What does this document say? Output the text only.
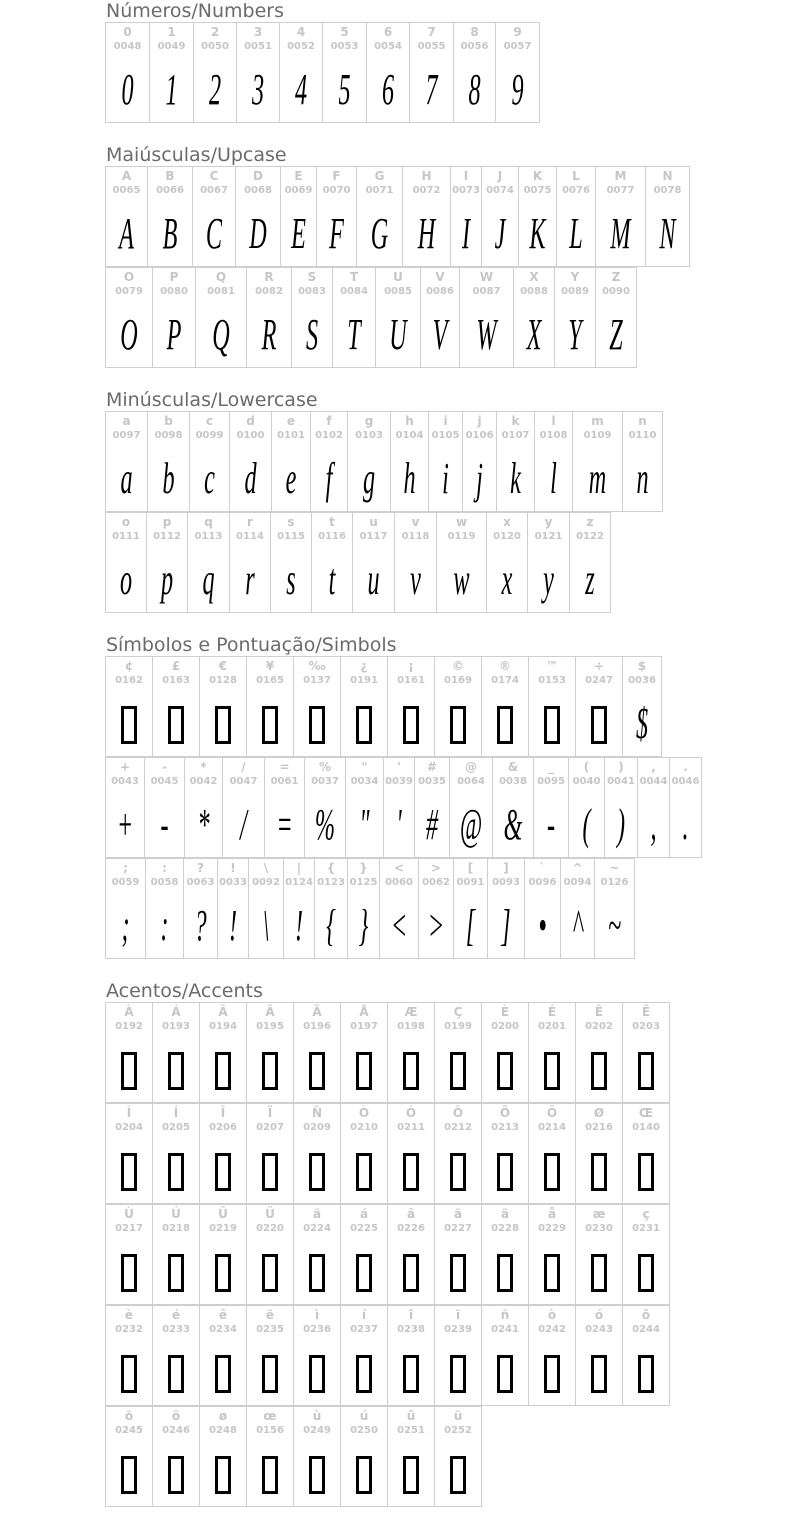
Números/Numbers
0
0048
0
1
0049
1
2
0050
2
3
0051
3
4
0052
4
5
0053
5
6
0054
6
7
0055
7
8
0056
8
9
0057
9
Maiúsculas/Upcase
A
0065
A
B
0066
B
C
0067
C
D
0068
D
E
0069
E
F
0070
F
G
0071
G
H
0072
H
I
0073
I
J
0074
J
K
0075
K
L
0076
L
M
0077
M
N
0078
N
O
0079
O
P
0080
P
Q
0081
Q
R
0082
R
S
0083
S
T
0084
T
U
0085
U
V
0086
V
W
0087
W
X
0088
X
Y
0089
Y
Z
0090
Z
Minúsculas/Lowercase
a
0097
a
b
0098
b
c
0099
c
d
0100
d
e
0101
e
f
0102
f
g
0103
g
h
0104
h
i
0105
i
j
0106
j
k
0107
k
l
0108
l
m
0109
m
n
0110
n
o
0111
o
p
0112
p
q
0113
q
r
0114
r
s
0115
s
t
0116
t
u
0117
u
v
0118
v
w
0119
w
x
0120
x
y
0121
y
z
0122
z
Símbolos e Pontuação/Simbols
¢
0162
£
0163
€
0128
¥
0165
‰
0137
¿
0191
¡
0161
©
0169
®
0174
™
0153
÷
0247
$
0036
$
+
0043
+
-
0045
-
*
0042
*
/
0047
/
=
0061
=
%
0037
%
"
0034
"
'
0039
'
#
0035
#
@
0064
@
&
0038
&
_
0095
-
(
0040
(
)
0041
)
,
0044
,
.
0046
.
;
0059
;
:
0058
:
?
0063
?
!
0033
!
\
0092
\
|
0124
!
{
0123
{
}
0125
}
<
0060
<
>
0062
>
[
0091
[
]
0093
]
`
0096
•
^
0094
^
~
0126
~
Acentos/Accents
À
0192
Á
0193
Â
0194
Ã
0195
Ä
0196
Å
0197
Æ
0198
Ç
0199
È
0200
É
0201
Ê
0202
Ë
0203
Ì
0204
Í
0205
Î
0206
Ï
0207
Ñ
0209
Ò
0210
Ó
0211
Ô
0212
Õ
0213
Ö
0214
Ø
0216
Œ
0140
Ù
0217
Ú
0218
Û
0219
Ü
0220
ä
0224
á
0225
â
0226
ã
0227
ä
0228
å
0229
æ
0230
ç
0231
è
0232
é
0233
ê
0234
ë
0235
ì
0236
í
0237
î
0238
ï
0239
ñ
0241
ò
0242
ó
0243
ô
0244
õ
0245
ö
0246
ø
0248
œ
0156
ù
0249
ú
0250
û
0251
ü
0252
